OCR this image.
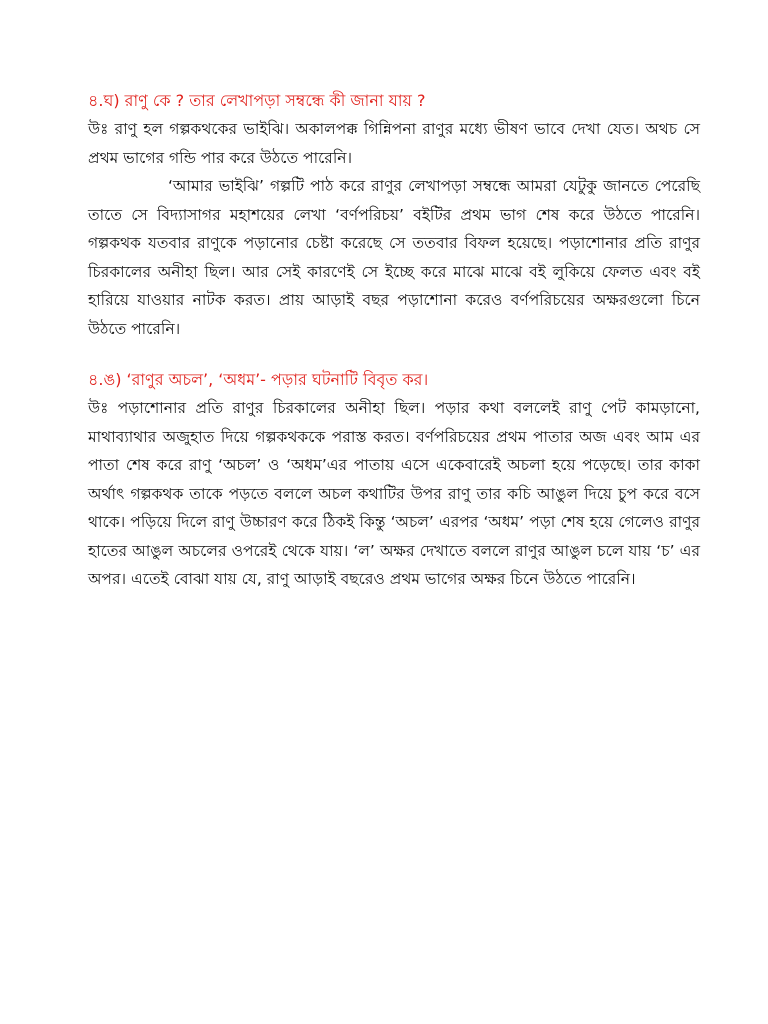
৪.ঘ) রাণু কে ? তার লেখাপড়া সম্বন্ধে কী জানা যায় ?

উঃ রাণু হল গল্পকথকের ভাইঝি। অকালপক্ক গিন্নিপনা রাণুর মধ্যে ভীষণ ভাবে দেখা যেত। অথচ সে প্রথম ভাগের গন্ডি পার করে উঠতে পারেনি।

‘আমার ভাইঝি’ গল্পটি পাঠ করে রাণুর লেখাপড়া সম্বন্ধে আমরা যেটুকু জানতে পেরেছি তাতে সে বিদ্যাসাগর মহাশয়ের লেখা ‘বর্ণপরিচয়’ বইটির প্রথম ভাগ শেষ করে উঠতে পারেনি। গল্পকথক যতবার রাণুকে পড়ানোর চেষ্টা করেছে সে ততবার বিফল হয়েছে। পড়াশোনার প্রতি রাণুর চিরকালের অনীহা ছিল। আর সেই কারণেই সে ইচ্ছে করে মাঝে মাঝে বই লুকিয়ে ফেলত এবং বই হারিয়ে যাওয়ার নাটক করত। প্রায় আড়াই বছর পড়াশোনা করেও বর্ণপরিচয়ের অক্ষরগুলো চিনে উঠতে পারেনি।

৪.ঙ) ‘রাণুর অচল’, ‘অধম’- পড়ার ঘটনাটি বিবৃত কর।

উঃ পড়াশোনার প্রতি রাণুর চিরকালের অনীহা ছিল। পড়ার কথা বললেই রাণু পেট কামড়ানো, মাথাব্যাথার অজুহাত দিয়ে গল্পকথককে পরাস্ত করত। বর্ণপরিচয়ের প্রথম পাতার অজ এবং আম এর পাতা শেষ করে রাণু ‘অচল’ ও ‘অধম’এর পাতায় এসে একেবারেই অচলা হয়ে পড়েছে। তার কাকা অর্থাৎ গল্পকথক তাকে পড়তে বললে অচল কথাটির উপর রাণু তার কচি আঙুল দিয়ে চুপ করে বসে থাকে। পড়িয়ে দিলে রাণু উচ্চারণ করে ঠিকই কিন্তু ‘অচল’ এরপর ‘অধম’ পড়া শেষ হয়ে গেলেও রাণুর হাতের আঙুল অচলের ওপরেই থেকে যায়। ‘ল’ অক্ষর দেখাতে বললে রাণুর আঙুল চলে যায় ‘চ’ এর অপর। এতেই বোঝা যায় যে, রাণু আড়াই বছরেও প্রথম ভাগের অক্ষর চিনে উঠতে পারেনি।
